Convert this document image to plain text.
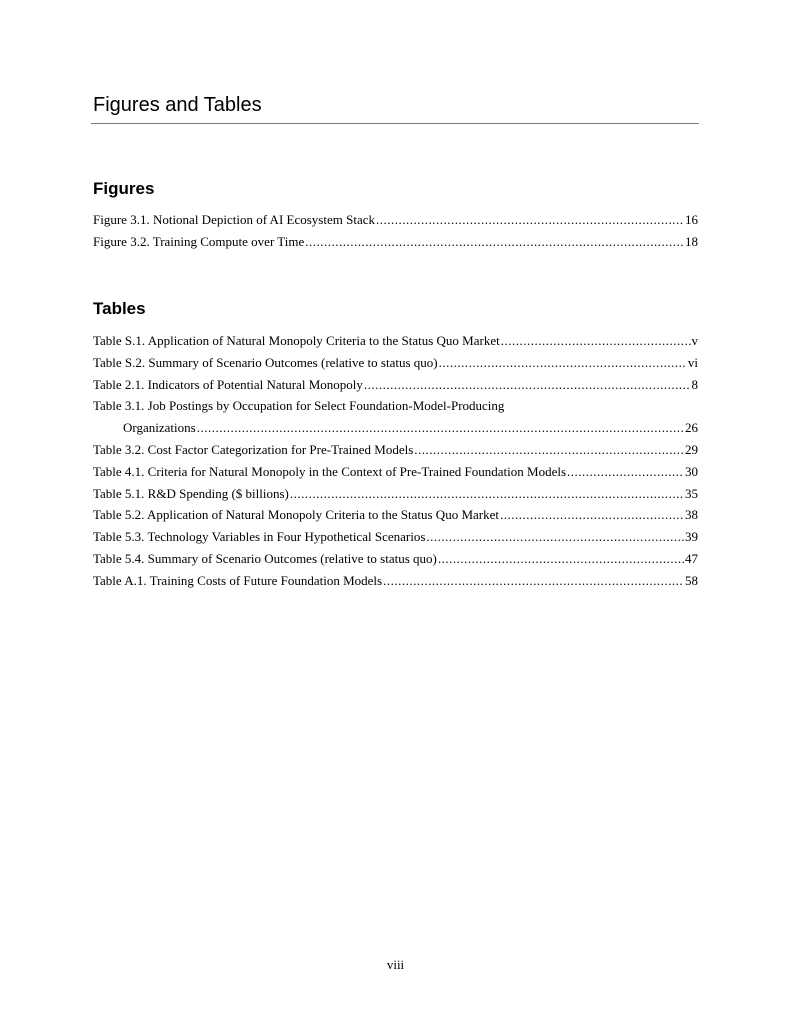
Figures and Tables
Figures
Figure 3.1. Notional Depiction of AI Ecosystem Stack .....	16
Figure 3.2. Training Compute over Time .....	18
Tables
Table S.1. Application of Natural Monopoly Criteria to the Status Quo Market .....	v
Table S.2. Summary of Scenario Outcomes (relative to status quo) .....	vi
Table 2.1. Indicators of Potential Natural Monopoly .....	8
Table 3.1. Job Postings by Occupation for Select Foundation-Model-Producing
Organizations .....	26
Table 3.2. Cost Factor Categorization for Pre-Trained Models .....	29
Table 4.1. Criteria for Natural Monopoly in the Context of Pre-Trained Foundation Models .....	30
Table 5.1. R&D Spending ($ billions) .....	35
Table 5.2. Application of Natural Monopoly Criteria to the Status Quo Market .....	38
Table 5.3. Technology Variables in Four Hypothetical Scenarios .....	39
Table 5.4. Summary of Scenario Outcomes (relative to status quo) .....	47
Table A.1. Training Costs of Future Foundation Models .....	58
viii
